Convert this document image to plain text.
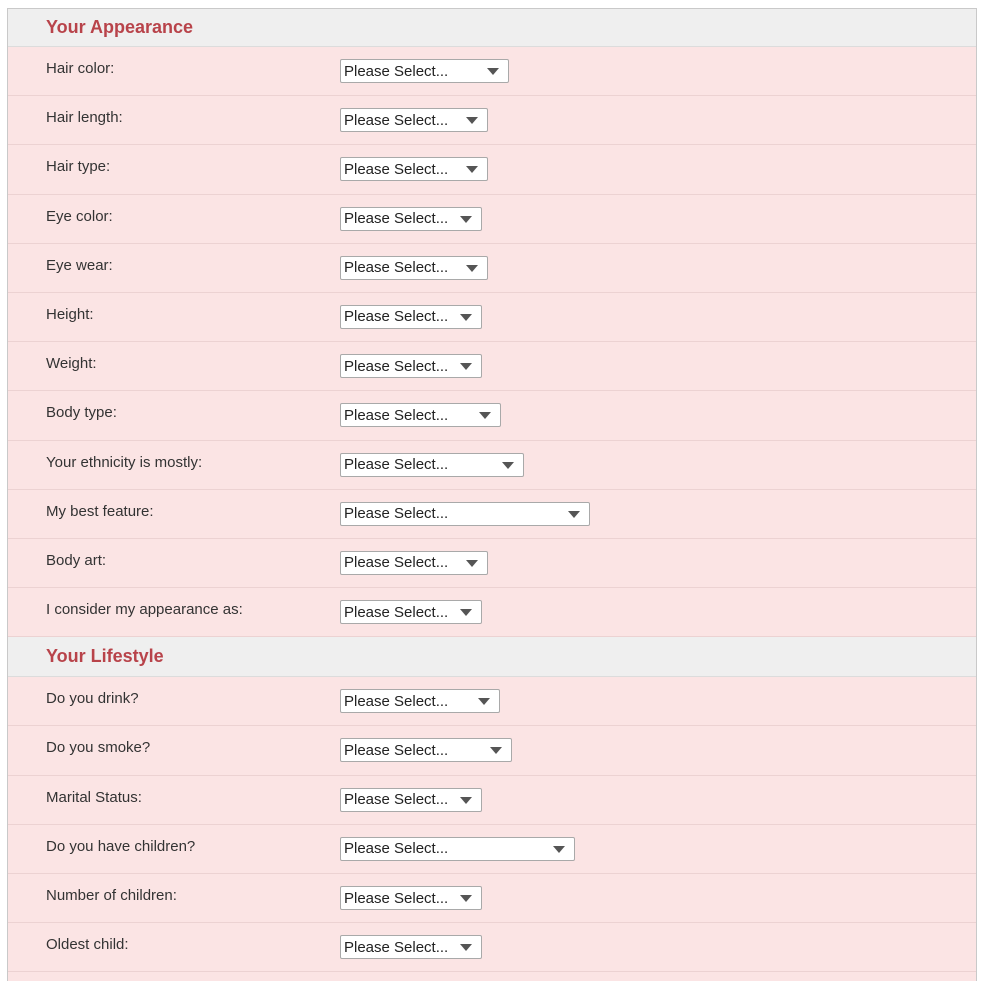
Your Appearance
Hair color:	Please Select...
Hair length:	Please Select...
Hair type:	Please Select...
Eye color:	Please Select...
Eye wear:	Please Select...
Height:	Please Select...
Weight:	Please Select...
Body type:	Please Select...
Your ethnicity is mostly:	Please Select...
My best feature:	Please Select...
Body art:	Please Select...
I consider my appearance as:	Please Select...
Your Lifestyle
Do you drink?	Please Select...
Do you smoke?	Please Select...
Marital Status:	Please Select...
Do you have children?	Please Select...
Number of children:	Please Select...
Oldest child:	Please Select...
